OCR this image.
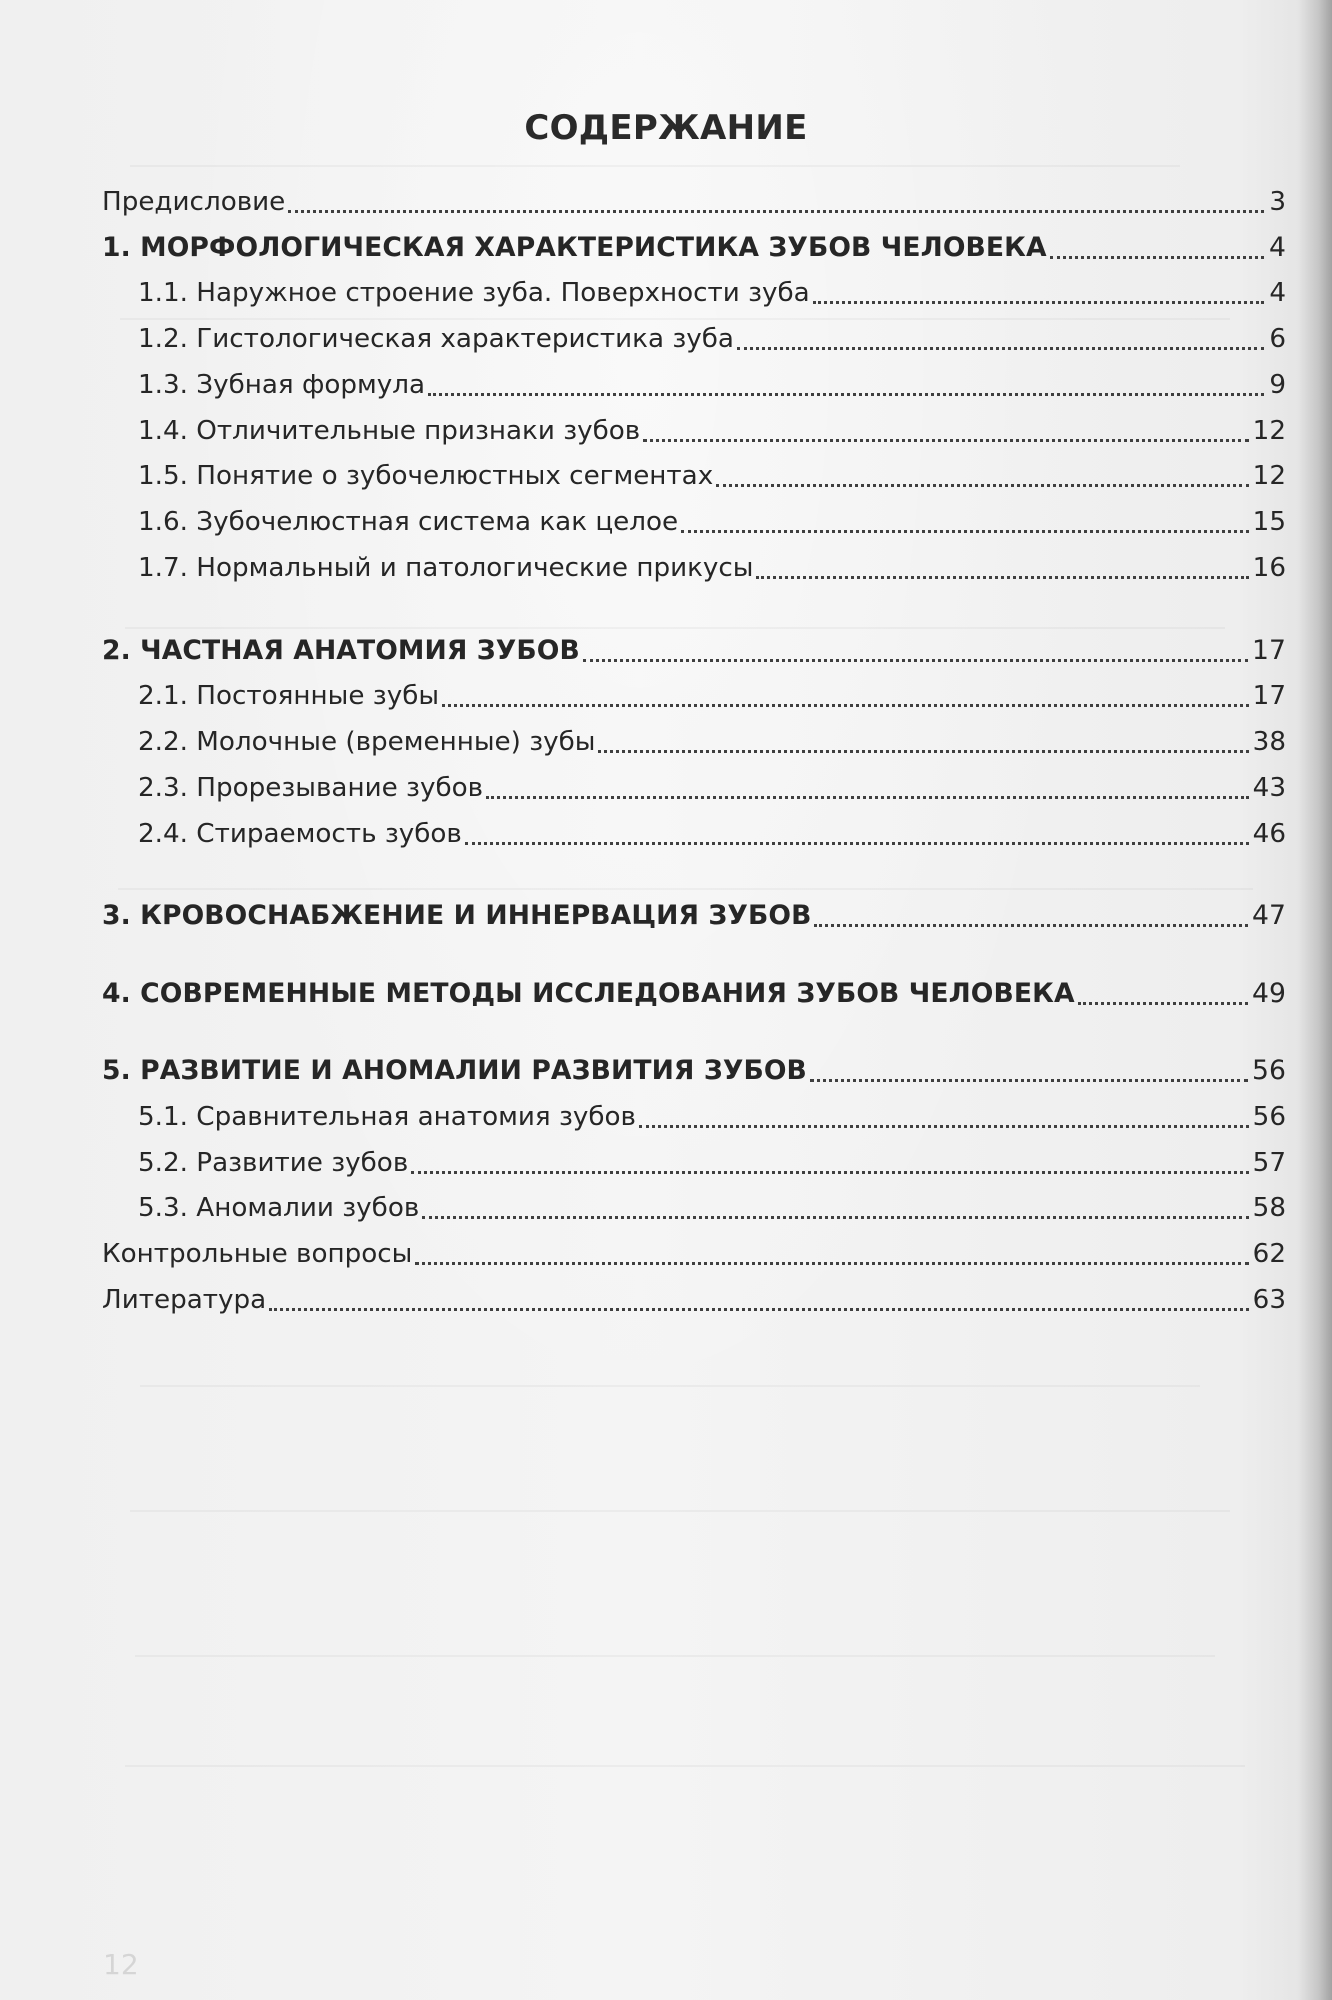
СОДЕРЖАНИЕ
Предисловие	3
1. МОРФОЛОГИЧЕСКАЯ ХАРАКТЕРИСТИКА ЗУБОВ ЧЕЛОВЕКА	4
1.1. Наружное строение зуба. Поверхности зуба	4
1.2. Гистологическая характеристика зуба	6
1.3. Зубная формула	9
1.4. Отличительные признаки зубов	12
1.5. Понятие о зубочелюстных сегментах	12
1.6. Зубочелюстная система как целое	15
1.7. Нормальный и патологические прикусы	16
2. ЧАСТНАЯ АНАТОМИЯ ЗУБОВ	17
2.1. Постоянные зубы	17
2.2. Молочные (временные) зубы	38
2.3. Прорезывание зубов	43
2.4. Стираемость зубов	46
3. КРОВОСНАБЖЕНИЕ И ИННЕРВАЦИЯ ЗУБОВ	47
4. СОВРЕМЕННЫЕ МЕТОДЫ ИССЛЕДОВАНИЯ ЗУБОВ ЧЕЛОВЕКА	49
5. РАЗВИТИЕ И АНОМАЛИИ РАЗВИТИЯ ЗУБОВ	56
5.1. Сравнительная анатомия зубов	56
5.2. Развитие зубов	57
5.3. Аномалии зубов	58
Контрольные вопросы	62
Литература	63
12
